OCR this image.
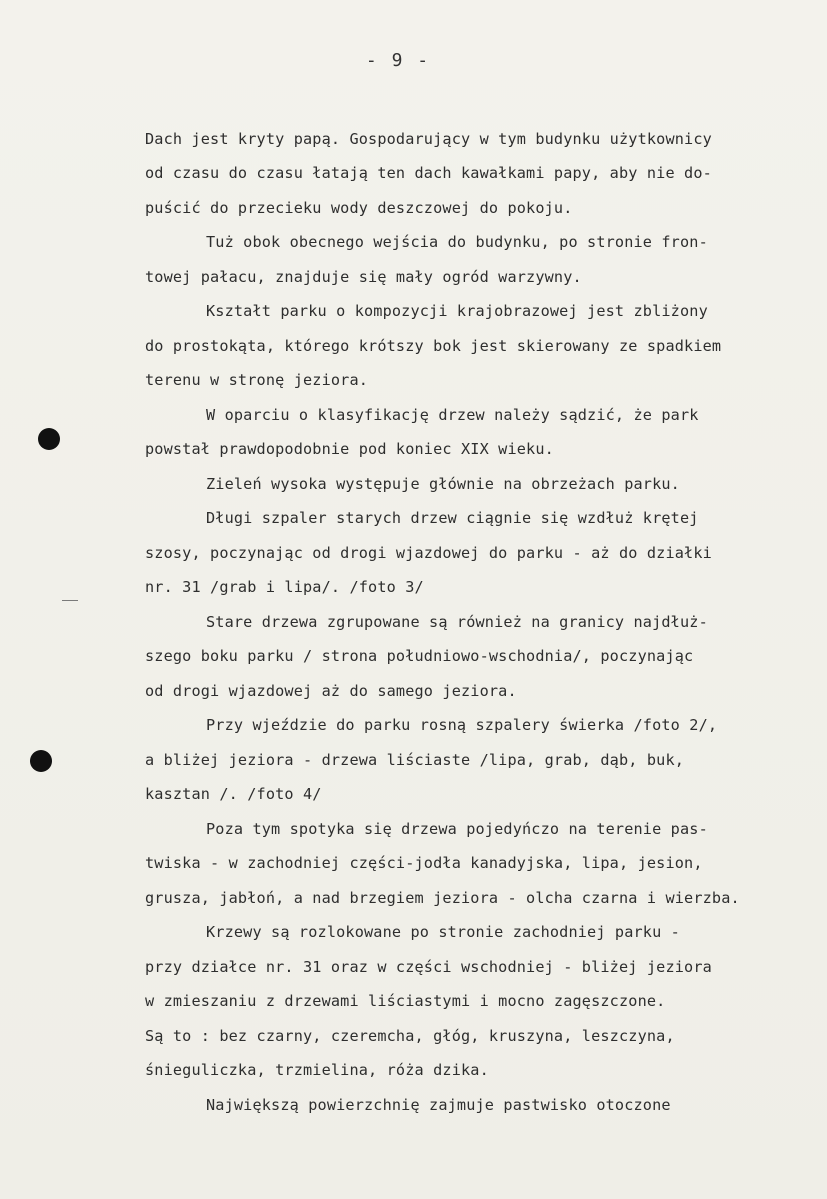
- 9 -
Dach jest kryty papą. Gospodarujący w tym budynku użytkownicy
od czasu do czasu łatają ten dach kawałkami papy, aby nie do-
puścić do przecieku wody deszczowej do pokoju.
Tuż obok obecnego wejścia do budynku, po stronie fron-
towej pałacu, znajduje się mały ogród warzywny.
Kształt parku o kompozycji krajobrazowej jest zbliżony
do prostokąta, którego krótszy bok jest skierowany ze spadkiem
terenu w stronę jeziora.
W oparciu o klasyfikację drzew należy sądzić, że park
powstał prawdopodobnie pod koniec XIX wieku.
Zieleń wysoka występuje głównie na obrzeżach parku.
Długi szpaler starych drzew ciągnie się wzdłuż krętej
szosy, poczynając od drogi wjazdowej do parku - aż do działki
nr. 31 /grab i lipa/. /foto 3/
Stare drzewa zgrupowane są również na granicy najdłuż-
szego boku parku / strona południowo-wschodnia/, poczynając
od drogi wjazdowej aż do samego jeziora.
Przy wjeździe do parku rosną szpalery świerka /foto 2/,
a bliżej jeziora - drzewa liściaste /lipa, grab, dąb, buk,
kasztan /. /foto 4/
Poza tym spotyka się drzewa pojedyńczo na terenie pas-
twiska - w zachodniej części-jodła kanadyjska, lipa, jesion,
grusza, jabłoń, a nad brzegiem jeziora - olcha czarna i wierzba.
Krzewy są rozlokowane po stronie zachodniej parku -
przy działce nr. 31 oraz w części wschodniej - bliżej jeziora
w zmieszaniu z drzewami liściastymi i mocno zagęszczone.
Są to : bez czarny, czeremcha, głóg, kruszyna, leszczyna,
śnieguliczka, trzmielina, róża dzika.
Największą powierzchnię zajmuje pastwisko otoczone
